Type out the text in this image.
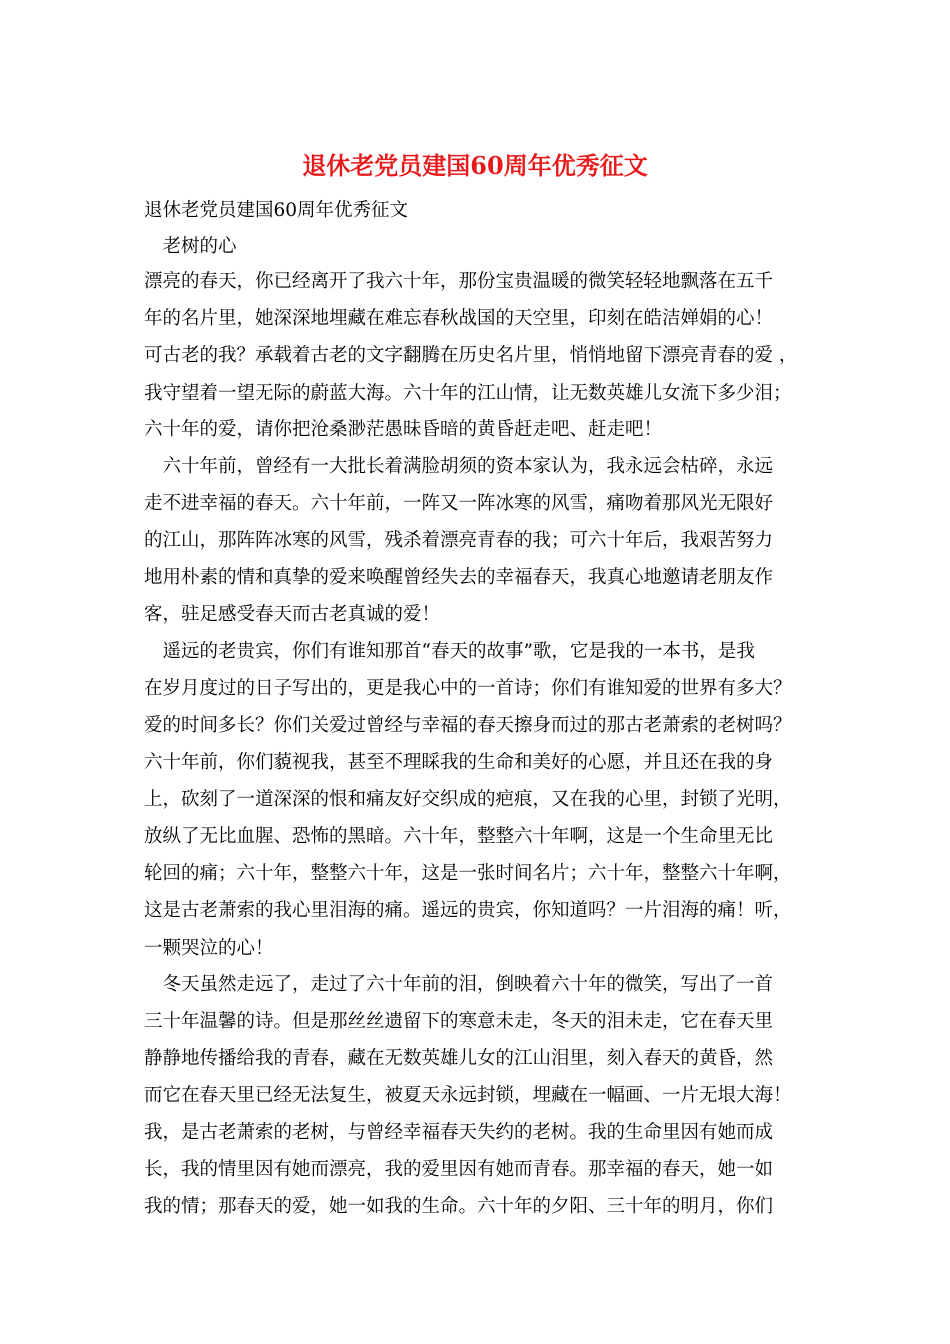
退休老党员建国60周年优秀征文
退休老党员建国60周年优秀征文
　老树的心
漂亮的春天，你已经离开了我六十年，那份宝贵温暖的微笑轻轻地飘落在五千
年的名片里，她深深地埋藏在难忘春秋战国的天空里，印刻在皓洁婵娟的心！
可古老的我？承载着古老的文字翻腾在历史名片里，悄悄地留下漂亮青春的爱 ，
我守望着一望无际的蔚蓝大海。六十年的江山情，让无数英雄儿女流下多少泪；
六十年的爱，请你把沧桑渺茫愚昧昏暗的黄昏赶走吧、赶走吧！
　六十年前，曾经有一大批长着满脸胡须的资本家认为，我永远会枯碎，永远
走不进幸福的春天。六十年前，一阵又一阵冰寒的风雪，痛吻着那风光无限好
的江山，那阵阵冰寒的风雪，残杀着漂亮青春的我；可六十年后，我艰苦努力
地用朴素的情和真挚的爱来唤醒曾经失去的幸福春天，我真心地邀请老朋友作
客，驻足感受春天而古老真诚的爱！
　遥远的老贵宾，你们有谁知那首“春天的故事”歌，它是我的一本书，是我
在岁月度过的日子写出的，更是我心中的一首诗；你们有谁知爱的世界有多大？
爱的时间多长？你们关爱过曾经与幸福的春天擦身而过的那古老萧索的老树吗？
六十年前，你们藐视我，甚至不理睬我的生命和美好的心愿，并且还在我的身
上，砍刻了一道深深的恨和痛友好交织成的疤痕，又在我的心里，封锁了光明，
放纵了无比血腥、恐怖的黑暗。六十年，整整六十年啊，这是一个生命里无比
轮回的痛；六十年，整整六十年，这是一张时间名片；六十年，整整六十年啊，
这是古老萧索的我心里泪海的痛。遥远的贵宾，你知道吗？一片泪海的痛！听，
一颗哭泣的心！
　冬天虽然走远了，走过了六十年前的泪，倒映着六十年的微笑，写出了一首
三十年温馨的诗。但是那丝丝遗留下的寒意未走，冬天的泪未走，它在春天里
静静地传播给我的青春，藏在无数英雄儿女的江山泪里，刻入春天的黄昏，然
而它在春天里已经无法复生，被夏天永远封锁，埋藏在一幅画、一片无垠大海！
我，是古老萧索的老树，与曾经幸福春天失约的老树。我的生命里因有她而成
长，我的情里因有她而漂亮，我的爱里因有她而青春。那幸福的春天，她一如
我的情；那春天的爱，她一如我的生命。六十年的夕阳、三十年的明月，你们
